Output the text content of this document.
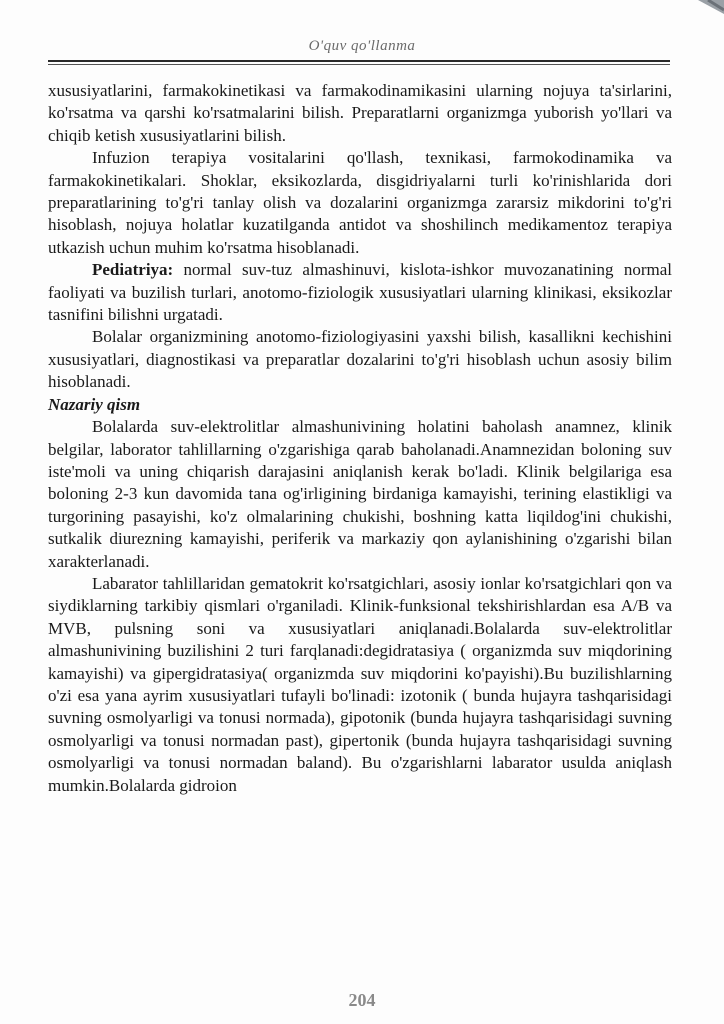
O'quv qo'llanma

xususiyatlarini, farmakokinetikasi va farmakodinamikasini ularning nojuya ta'sirlarini, ko'rsatma va qarshi ko'rsatmalarini bilish. Preparatlarni organizmga yuborish yo'llari va chiqib ketish xususiyatlarini bilish.

Infuzion terapiya vositalarini qo'llash, texnikasi, farmokodinamika va farmakokinetikalari. Shoklar, eksikozlarda, disgidriyalarni turli ko'rinishlarida dori preparatlarining to'g'ri tanlay olish va dozalarini organizmga zararsiz mikdorini to'g'ri hisoblash, nojuya holatlar kuzatilganda antidot va shoshilinch medikamentoz terapiya utkazish uchun muhim ko'rsatma hisoblanadi.

Pediatriya: normal suv-tuz almashinuvi, kislota-ishkor muvozanatining normal faoliyati va buzilish turlari, anotomo-fiziologik xususiyatlari ularning klinikasi, eksikozlar tasnifini bilishni urgatadi.

Bolalar organizmining anotomo-fiziologiyasini yaxshi bilish, kasallikni kechishini xususiyatlari, diagnostikasi va preparatlar dozalarini to'g'ri hisoblash uchun asosiy bilim hisoblanadi.

Nazariy qism

Bolalarda suv-elektrolitlar almashunivining holatini baholash anamnez, klinik belgilar, laborator tahlillarning o'zgarishiga qarab baholanadi.Anamnezidan boloning suv iste'moli va uning chiqarish darajasini aniqlanish kerak bo'ladi. Klinik belgilariga esa boloning 2-3 kun davomida tana og'irligining birdaniga kamayishi, terining elastikligi va turgorining pasayishi, ko'z olmalarining chukishi, boshning katta liqildog'ini chukishi, sutkalik diurezning kamayishi, periferik va markaziy qon aylanishining o'zgarishi bilan xarakterlanadi.

Labarator tahlillaridan gematokrit ko'rsatgichlari, asosiy ionlar ko'rsatgichlari qon va siydiklarning tarkibiy qismlari o'rganiladi. Klinik-funksional tekshirishlardan esa A/B va MVB, pulsning soni va xususiyatlari aniqlanadi.Bolalarda suv-elektrolitlar almashunivining buzilishini 2 turi farqlanadi:degidratasiya ( organizmda suv miqdorining kamayishi) va gipergidratasiya( organizmda suv miqdorini ko'payishi).Bu buzilishlarning o'zi esa yana ayrim xususiyatlari tufayli bo'linadi: izotonik ( bunda hujayra tashqarisidagi suvning osmolyarligi va tonusi normada), gipotonik (bunda hujayra tashqarisidagi suvning osmolyarligi va tonusi normadan past), gipertonik (bunda hujayra tashqarisidagi suvning osmolyarligi va tonusi normadan baland). Bu o'zgarishlarni labarator usulda aniqlash mumkin.Bolalarda gidroion

204
